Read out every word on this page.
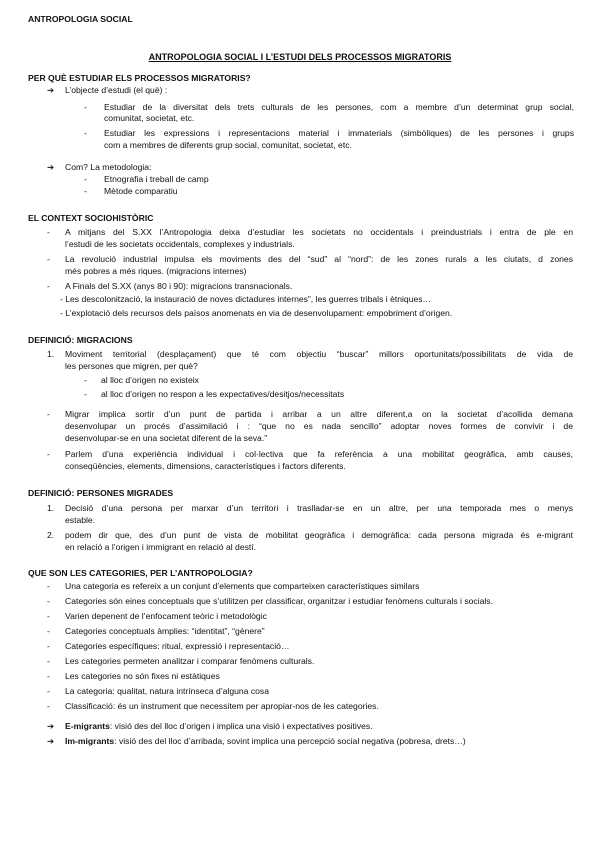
ANTROPOLOGIA SOCIAL
ANTROPOLOGIA SOCIAL I L’ESTUDI DELS PROCESSOS MIGRATORIS
PER QUÈ ESTUDIAR ELS PROCESSOS MIGRATORIS?
➔ L’objecte d’estudi (el què) :
- Estudiar de la diversitat dels trets culturals de les persones, com a membre d’un determinat grup social,
comunitat, societat, etc.
- Estudiar les expressions i representacions material i immaterials (simbòliques) de les persones i grups
com a membres de diferents grup social, comunitat, societat, etc.
➔ Com? La metodologia:
- Etnografia i treball de camp
- Mètode comparatiu
EL CONTEXT SOCIOHISTÒRIC
- A mitjans del S.XX l’Antropologia deixa d’estudiar les societats no occidentals i preindustrials i entra de ple en
l’estudi de les societats occidentals, complexes y industrials.
- La revolució industrial impulsa els moviments des del “sud” al “nord”: de les zones rurals a les ciutats, d zones
més pobres a més riques. (migracions internes)
- A Finals del S.XX (anys 80 i 90): migracions transnacionals.
- Les descolonització, la instauració de noves dictadures internes”, les guerres tribals i ètniques…
- L’explotació dels recursos dels països anomenats en via de desenvolupament: empobriment d’origen.
DEFINICIÓ: MIGRACIONS
1. Moviment territorial (desplaçament) que té com objectiu “buscar” millors oportunitats/possibilitats de vida de
les persones que migren, per què?
- al lloc d’origen no existeix
- al lloc d’origen no respon a les expectatives/desitjos/necessitats
- Migrar implica sortir d’un punt de partida i arribar a un altre diferent,a on la societat d’acollida demana
desenvolupar un procés d’assimilació i : “que no es nada sencillo” adoptar noves formes de convivir i de
desenvolupar-se en una societat diferent de la seva.”
- Parlem d’una experiència individual i col·lectiva que fa referència a una mobilitat geogràfica, amb causes,
conseqüències, elements, dimensions, característiques i factors diferents.
DEFINICIÓ: PERSONES MIGRADES
1. Decisió d’una persona per marxar d’un territori i traslladar-se en un altre, per una temporada mes o menys
estable.
2. podem dir que, des d’un punt de vista de mobilitat geogràfica i demogràfica: cada persona migrada és e-migrant
en relació a l’origen i immigrant en relació al destí.
QUE SON LES CATEGORIES, PER L’ANTROPOLOGIA?
- Una categoria es refereix a un conjunt d’elements que comparteixen característiques similars
- Categories són eines conceptuals que s’utilitzen per classificar, organitzar i estudiar fenòmens culturals i socials.
- Varien depenent de l’enfocament teòric i metodològic
- Categories conceptuals àmplies: “identitat”, “gènere”
- Categories específiques: ritual, expressió i representació…
- Les categories permeten analitzar i comparar fenòmens culturals.
- Les categories no són fixes ni estàtiques
- La categoria: qualitat, natura intrínseca d’alguna cosa
- Classificació: és un instrument que necessitem per apropiar-nos de les categories.
➔ E-migrants: visió des del lloc d’origen i implica una visió i expectatives positives.
➔ Im-migrants: visió des del lloc d’arribada, sovint implica una percepció social negativa (pobresa, drets…)
